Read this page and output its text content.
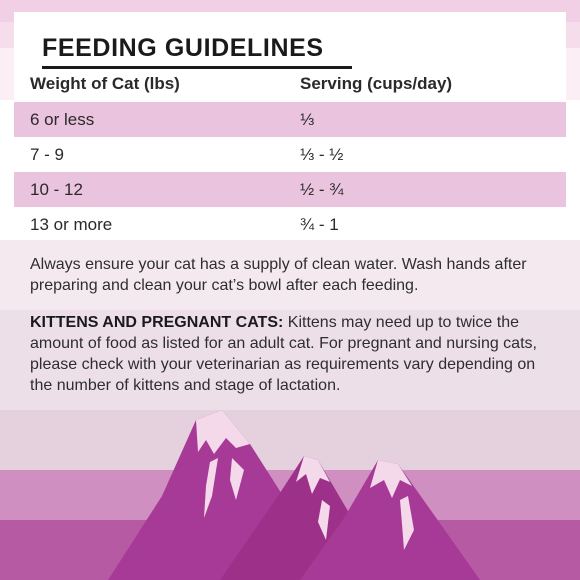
FEEDING GUIDELINES
Weight of Cat (lbs)	Serving (cups/day)
6 or less	⅓
7 - 9	⅓ - ½
10 - 12	½ - ¾
13 or more	¾ - 1

Always ensure your cat has a supply of clean water. Wash hands after preparing and clean your cat’s bowl after each feeding.

KITTENS AND PREGNANT CATS: Kittens may need up to twice the amount of food as listed for an adult cat. For pregnant and nursing cats, please check with your veterinarian as requirements vary depending on the number of kittens and stage of lactation.
